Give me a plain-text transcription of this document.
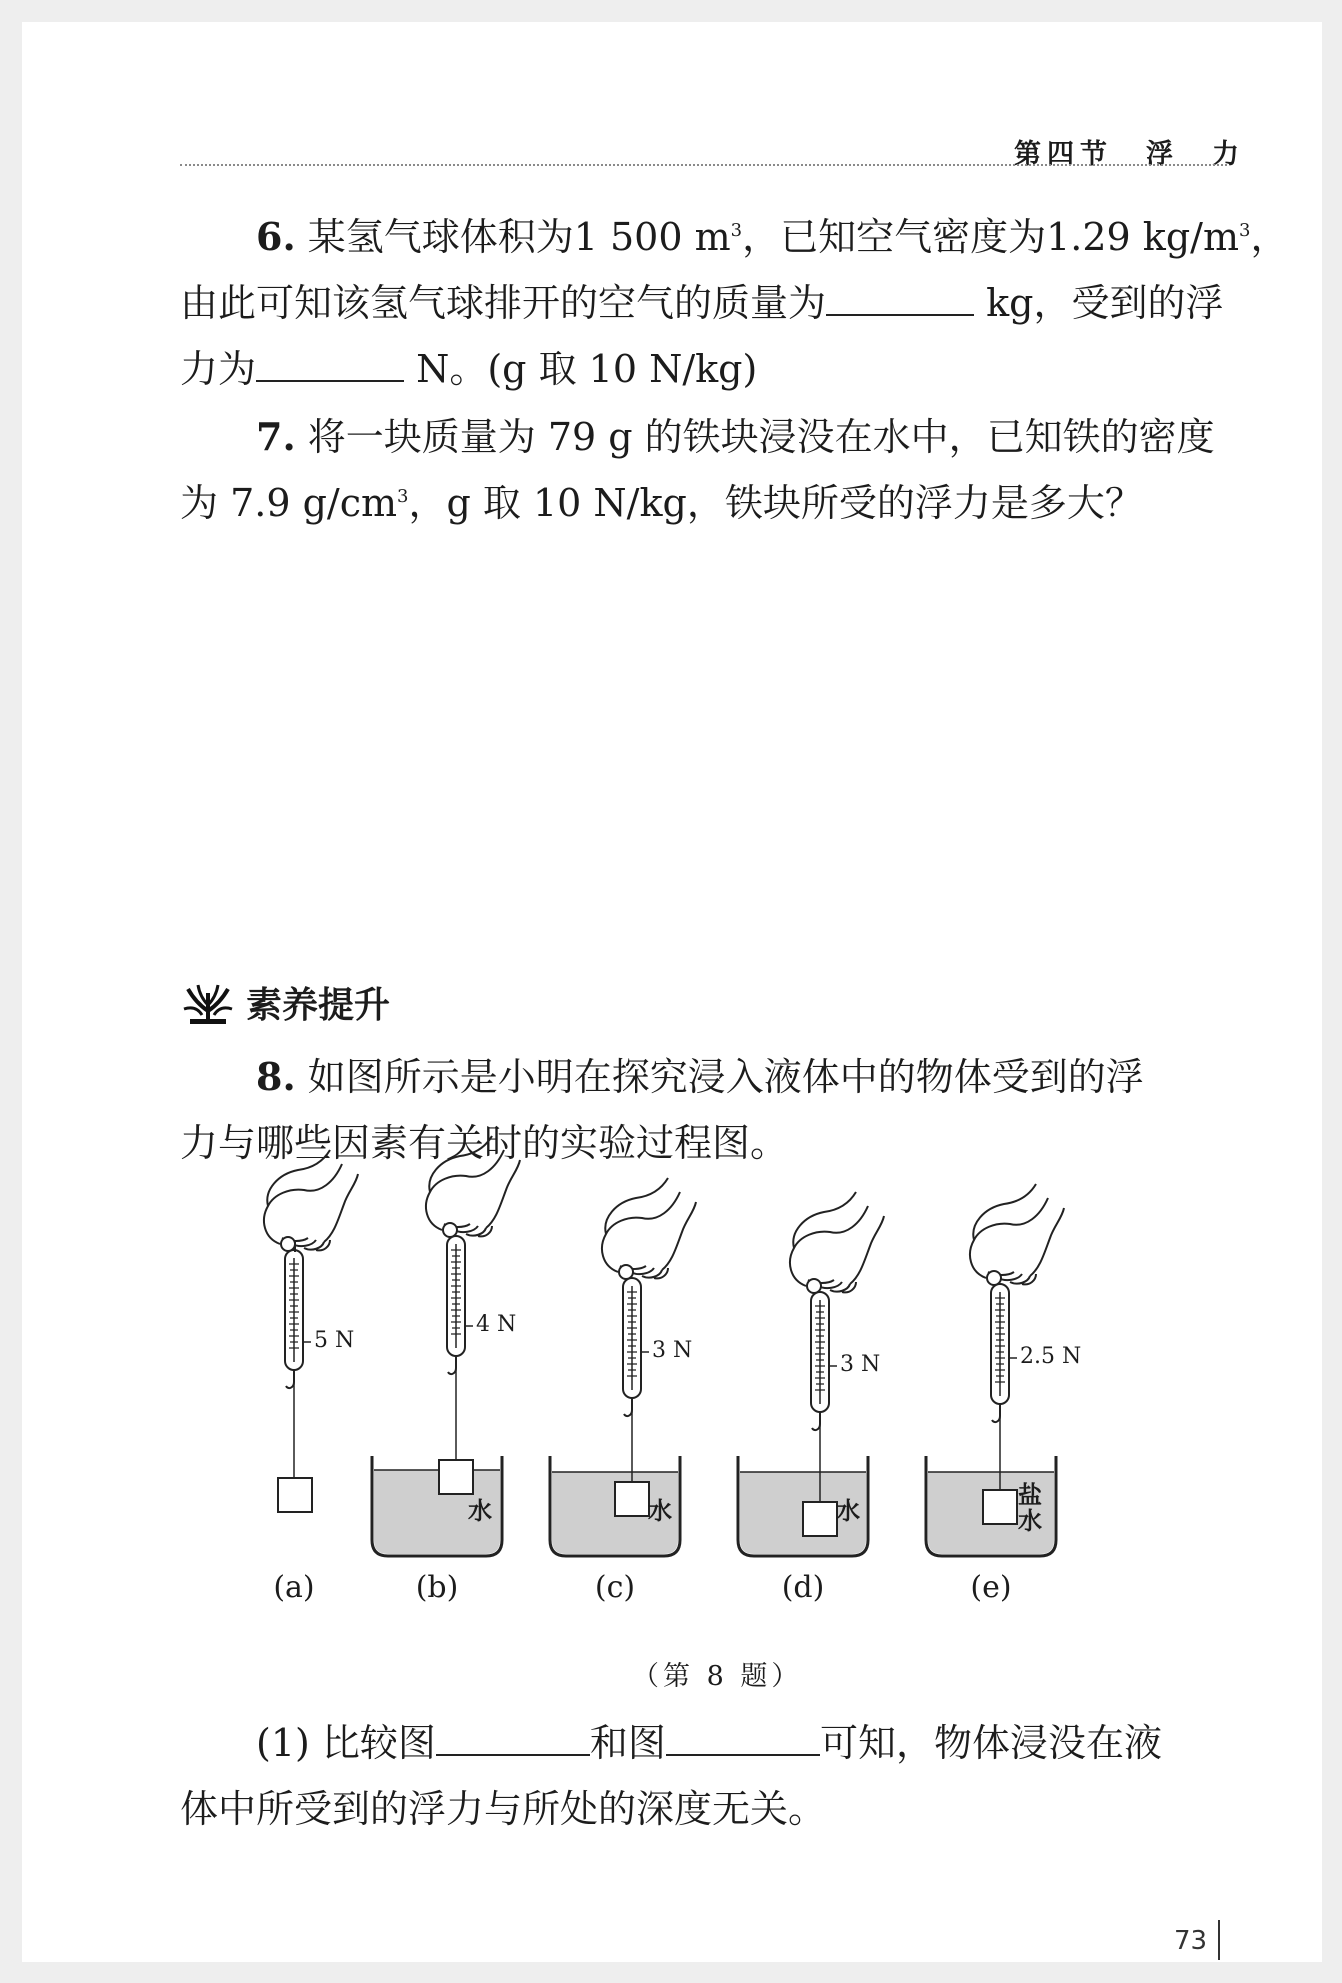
第四节　浮　力
6. 某氢气球体积为1 500 $m^3$，已知空气密度为1.29 $kg/m^3$，
由此可知该氢气球排开的空气的质量为	kg，受到的浮
力为	N。(g 取 10 N/kg)
7. 将一块质量为 79 g 的铁块浸没在水中，已知铁的密度
为 7.9 $g/cm^3$，g 取 10 N/kg，铁块所受的浮力是多大？
素养提升
8. 如图所示是小明在探究浸入液体中的物体受到的浮
力与哪些因素有关时的实验过程图。
5 N
4 N
3 N
3 N	2.5 N
水	水	水
盐
水
(a)	(b)	(c)	(d)	(e)
（第 8 题）
(1) 比较图	和图	可知，物体浸没在液
体中所受到的浮力与所处的深度无关。
73
